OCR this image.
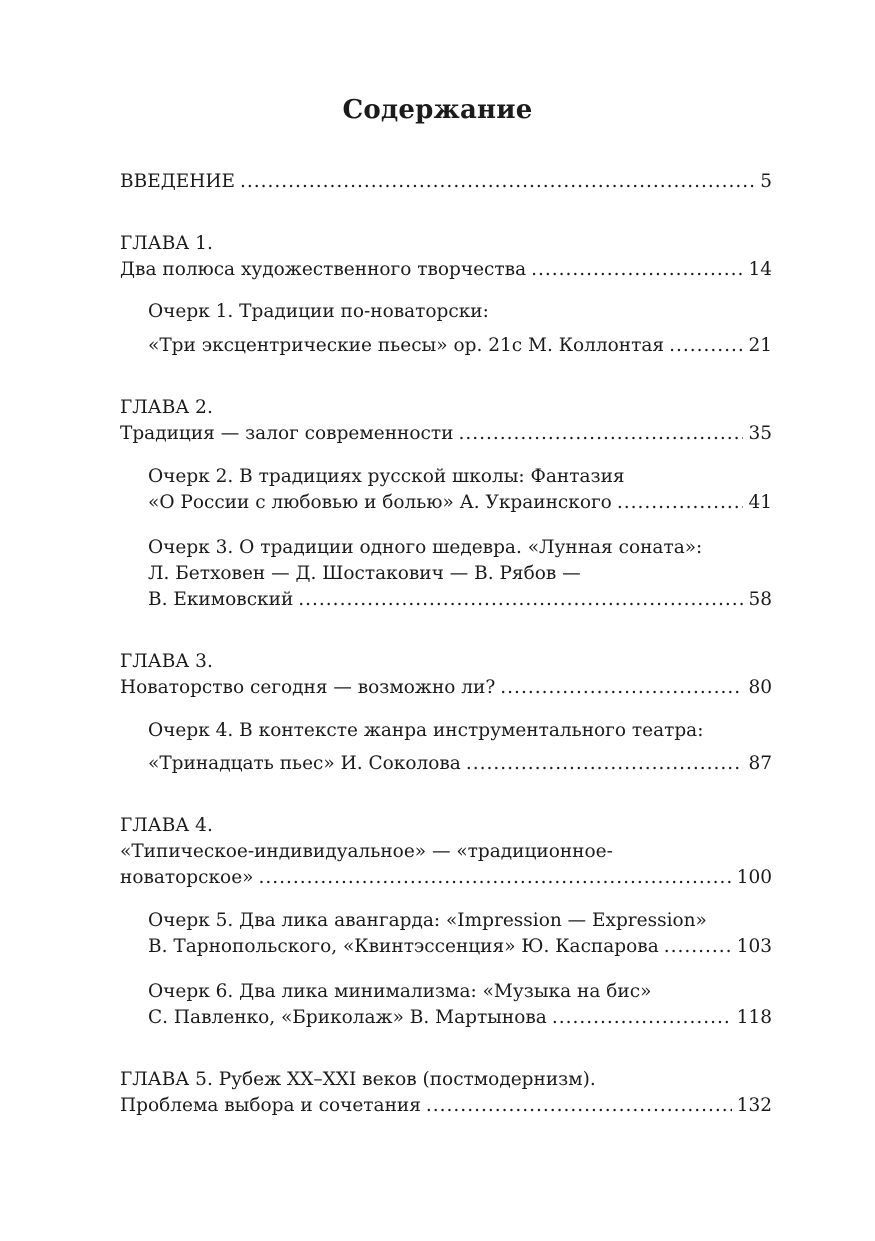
Содержание
ВВЕДЕНИЕ .....	5
ГЛАВА 1.
Два полюса художественного творчества .....	14
Очерк 1. Традиции по-новаторски:
«Три эксцентрические пьесы» ор. 21с М. Коллонтая .....	21
ГЛАВА 2.
Традиция — залог современности .....	35
Очерк 2. В традициях русской школы: Фантазия
«О России с любовью и болью» А. Украинского .....	41
Очерк 3. О традиции одного шедевра. «Лунная соната»:
Л. Бетховен — Д. Шостакович — В. Рябов —
В. Екимовский .....	58
ГЛАВА 3.
Новаторство сегодня — возможно ли? .....	80
Очерк 4. В контексте жанра инструментального театра:
«Тринадцать пьес» И. Соколова .....	87
ГЛАВА 4.
«Типическое-индивидуальное» — «традиционное-
новаторское» .....	100
Очерк 5. Два лика авангарда: «Impression — Expression»
В. Тарнопольского, «Квинтэссенция» Ю. Каспарова .....	103
Очерк 6. Два лика минимализма: «Музыка на бис»
С. Павленко, «Бриколаж» В. Мартынова .....	118
ГЛАВА 5. Рубеж XX–XXI веков (постмодернизм).
Проблема выбора и сочетания .....	132
